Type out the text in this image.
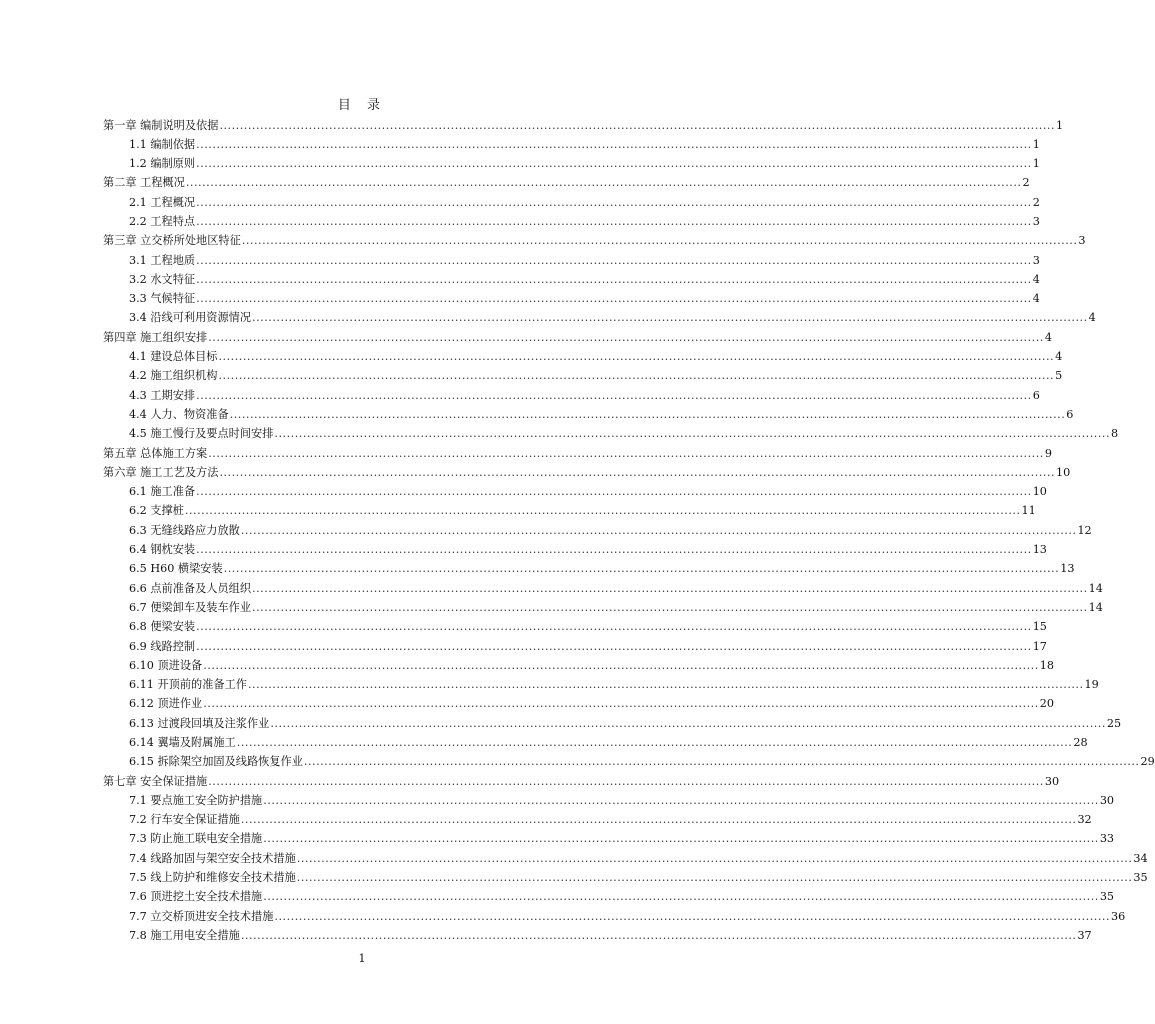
目 录
第一章 编制说明及依据 .............................................................................................................................................................................................................. 1
1.1 编制依据 .............................................................................................................................................................................................................. 1
1.2 编制原则 .............................................................................................................................................................................................................. 1
第二章 工程概况 .............................................................................................................................................................................................................. 2
2.1 工程概况 .............................................................................................................................................................................................................. 2
2.2 工程特点 .............................................................................................................................................................................................................. 3
第三章 立交桥所处地区特征 .............................................................................................................................................................................................................. 3
3.1 工程地质 .............................................................................................................................................................................................................. 3
3.2 水文特征 .............................................................................................................................................................................................................. 4
3.3 气候特征 .............................................................................................................................................................................................................. 4
3.4 沿线可利用资源情况 .............................................................................................................................................................................................................. 4
第四章 施工组织安排 .............................................................................................................................................................................................................. 4
4.1 建设总体目标 .............................................................................................................................................................................................................. 4
4.2 施工组织机构 .............................................................................................................................................................................................................. 5
4.3 工期安排 .............................................................................................................................................................................................................. 6
4.4 人力、物资准备 .............................................................................................................................................................................................................. 6
4.5 施工慢行及要点时间安排 .............................................................................................................................................................................................................. 8
第五章 总体施工方案 .............................................................................................................................................................................................................. 9
第六章 施工工艺及方法 .............................................................................................................................................................................................................. 10
6.1 施工准备 .............................................................................................................................................................................................................. 10
6.2 支撑桩 .............................................................................................................................................................................................................. 11
6.3 无缝线路应力放散 .............................................................................................................................................................................................................. 12
6.4 钢枕安装 .............................................................................................................................................................................................................. 13
6.5 H60 横梁安装 .............................................................................................................................................................................................................. 13
6.6 点前准备及人员组织 .............................................................................................................................................................................................................. 14
6.7 便梁卸车及装车作业 .............................................................................................................................................................................................................. 14
6.8 便梁安装 .............................................................................................................................................................................................................. 15
6.9 线路控制 .............................................................................................................................................................................................................. 17
6.10 顶进设备 .............................................................................................................................................................................................................. 18
6.11 开顶前的准备工作 .............................................................................................................................................................................................................. 19
6.12 顶进作业 .............................................................................................................................................................................................................. 20
6.13 过渡段回填及注浆作业 .............................................................................................................................................................................................................. 25
6.14 翼墙及附属施工 .............................................................................................................................................................................................................. 28
6.15 拆除架空加固及线路恢复作业 .............................................................................................................................................................................................................. 29
第七章 安全保证措施 .............................................................................................................................................................................................................. 30
7.1 要点施工安全防护措施 .............................................................................................................................................................................................................. 30
7.2 行车安全保证措施 .............................................................................................................................................................................................................. 32
7.3 防止施工联电安全措施 .............................................................................................................................................................................................................. 33
7.4 线路加固与架空安全技术措施 .............................................................................................................................................................................................................. 34
7.5 线上防护和维修安全技术措施 .............................................................................................................................................................................................................. 35
7.6 顶进挖土安全技术措施 .............................................................................................................................................................................................................. 35
7.7 立交桥顶进安全技术措施 .............................................................................................................................................................................................................. 36
7.8 施工用电安全措施 .............................................................................................................................................................................................................. 37
1
